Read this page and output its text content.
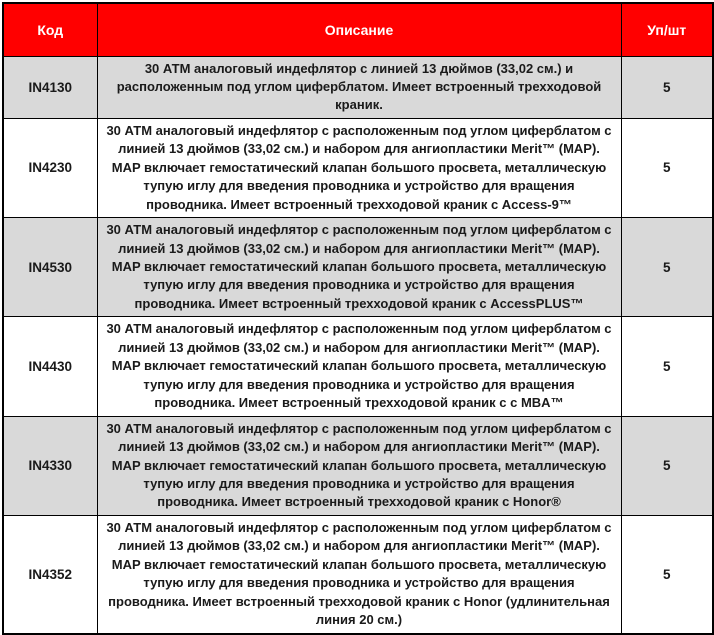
Код	Описание	Уп/шт
IN4130	30 АТМ аналоговый индефлятор с линией 13 дюймов (33,02 см.) и расположенным под углом циферблатом. Имеет встроенный трехходовой краник.	5
IN4230	30 АТМ аналоговый индефлятор с расположенным под углом циферблатом с линией 13 дюймов (33,02 см.) и набором для ангиопластики Merit™ (MAP). MAP включает гемостатический клапан большого просвета, металлическую тупую иглу для введения проводника и устройство для вращения проводника. Имеет встроенный трехходовой краник с Access-9™	5
IN4530	30 АТМ аналоговый индефлятор с расположенным под углом циферблатом с линией 13 дюймов (33,02 см.) и набором для ангиопластики Merit™ (MAP). MAP включает гемостатический клапан большого просвета, металлическую тупую иглу для введения проводника и устройство для вращения проводника. Имеет встроенный трехходовой краник с AccessPLUS™	5
IN4430	30 АТМ аналоговый индефлятор с расположенным под углом циферблатом с линией 13 дюймов (33,02 см.) и набором для ангиопластики Merit™ (MAP). MAP включает гемостатический клапан большого просвета, металлическую тупую иглу для введения проводника и устройство для вращения проводника. Имеет встроенный трехходовой краник с с MBA™	5
IN4330	30 АТМ аналоговый индефлятор с расположенным под углом циферблатом с линией 13 дюймов (33,02 см.) и набором для ангиопластики Merit™ (MAP). MAP включает гемостатический клапан большого просвета, металлическую тупую иглу для введения проводника и устройство для вращения проводника. Имеет встроенный трехходовой краник с Honor®	5
IN4352	30 АТМ аналоговый индефлятор с расположенным под углом циферблатом с линией 13 дюймов (33,02 см.) и набором для ангиопластики Merit™ (MAP). MAP включает гемостатический клапан большого просвета, металлическую тупую иглу для введения проводника и устройство для вращения проводника. Имеет встроенный трехходовой краник с Honor (удлинительная линия 20 см.)	5
